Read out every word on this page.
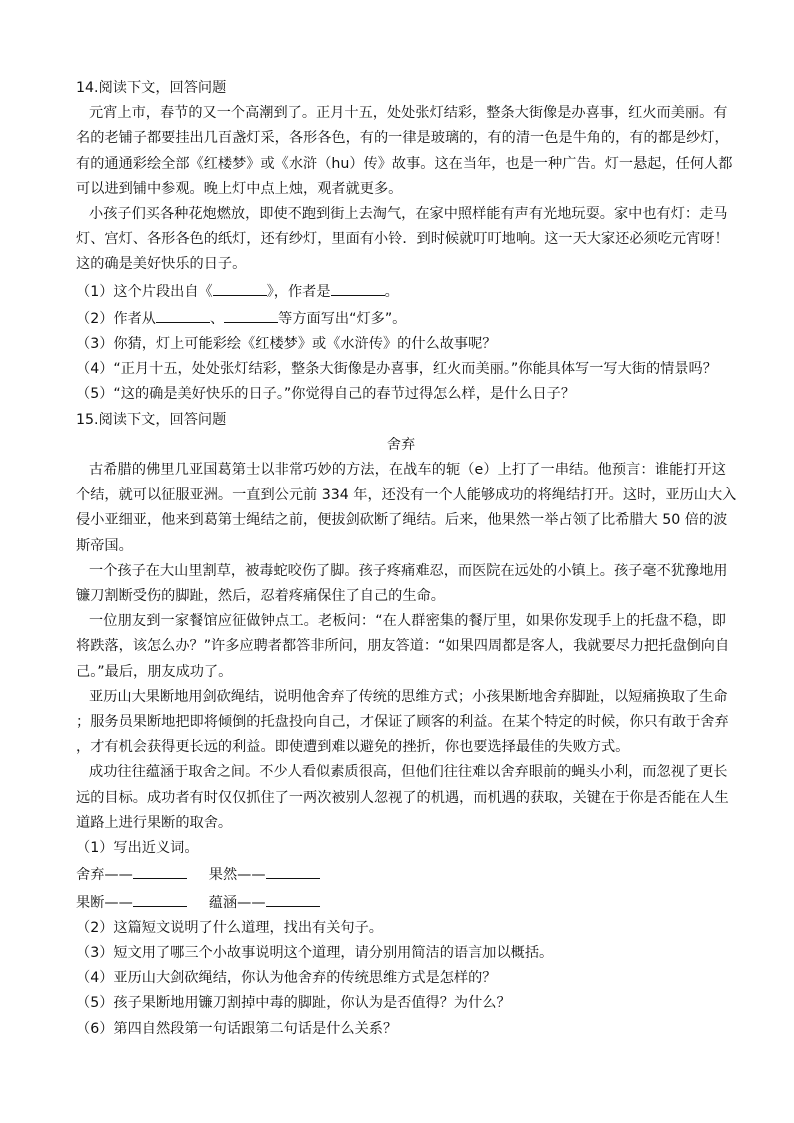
14.阅读下文，回答问题
元宵上市，春节的又一个高潮到了。正月十五，处处张灯结彩，整条大街像是办喜事，红火而美丽。有
名的老铺子都要挂出几百盏灯采，各形各色，有的一律是玻璃的，有的清一色是牛角的，有的都是纱灯，
有的通通彩绘全部《红楼梦》或《水浒（hu）传》故事。这在当年，也是一种广告。灯一悬起，任何人都
可以进到铺中参观。晚上灯中点上烛，观者就更多。
小孩子们买各种花炮燃放，即使不跑到街上去淘气，在家中照样能有声有光地玩耍。家中也有灯：走马
灯、宫灯、各形各色的纸灯，还有纱灯，里面有小铃．到时候就叮叮地响。这一天大家还必须吃元宵呀！
这的确是美好快乐的日子。
（1）这个片段出自《	》，作者是	。
（2）作者从	、	等方面写出“灯多”。
（3）你猜，灯上可能彩绘《红楼梦》或《水浒传》的什么故事呢？
（4）“正月十五，处处张灯结彩，整条大街像是办喜事，红火而美丽。”你能具体写一写大街的情景吗？
（5）“这的确是美好快乐的日子。”你觉得自己的春节过得怎么样，是什么日子？
15.阅读下文，回答问题
舍弃
古希腊的佛里几亚国葛第士以非常巧妙的方法，在战车的轭（e）上打了一串结。他预言：谁能打开这
个结，就可以征服亚洲。一直到公元前 334 年，还没有一个人能够成功的将绳结打开。这时，亚历山大入
侵小亚细亚，他来到葛第士绳结之前，便拔剑砍断了绳结。后来，他果然一举占领了比希腊大 50 倍的波
斯帝国。
一个孩子在大山里割草，被毒蛇咬伤了脚。孩子疼痛难忍，而医院在远处的小镇上。孩子毫不犹豫地用
镰刀割断受伤的脚趾，然后，忍着疼痛保住了自己的生命。
一位朋友到一家餐馆应征做钟点工。老板问：“在人群密集的餐厅里，如果你发现手上的托盘不稳，即
将跌落，该怎么办？”许多应聘者都答非所问，朋友答道：“如果四周都是客人，我就要尽力把托盘倒向自
己。”最后，朋友成功了。
亚历山大果断地用剑砍绳结，说明他舍弃了传统的思维方式；小孩果断地舍弃脚趾，以短痛换取了生命
；服务员果断地把即将倾倒的托盘投向自己，才保证了顾客的利益。在某个特定的时候，你只有敢于舍弃
，才有机会获得更长远的利益。即使遭到难以避免的挫折，你也要选择最佳的失败方式。
成功往往蕴涵于取舍之间。不少人看似素质很高，但他们往往难以舍弃眼前的蝇头小利，而忽视了更长
远的目标。成功者有时仅仅抓住了一两次被别人忽视了的机遇，而机遇的获取，关键在于你是否能在人生
道路上进行果断的取舍。
（1）写出近义词。
舍弃——	果然——
果断——	蕴涵——
（2）这篇短文说明了什么道理，找出有关句子。
（3）短文用了哪三个小故事说明这个道理，请分别用简洁的语言加以概括。
（4）亚历山大剑砍绳结，你认为他舍弃的传统思维方式是怎样的？
（5）孩子果断地用镰刀割掉中毒的脚趾，你认为是否值得？为什么？
（6）第四自然段第一句话跟第二句话是什么关系？
